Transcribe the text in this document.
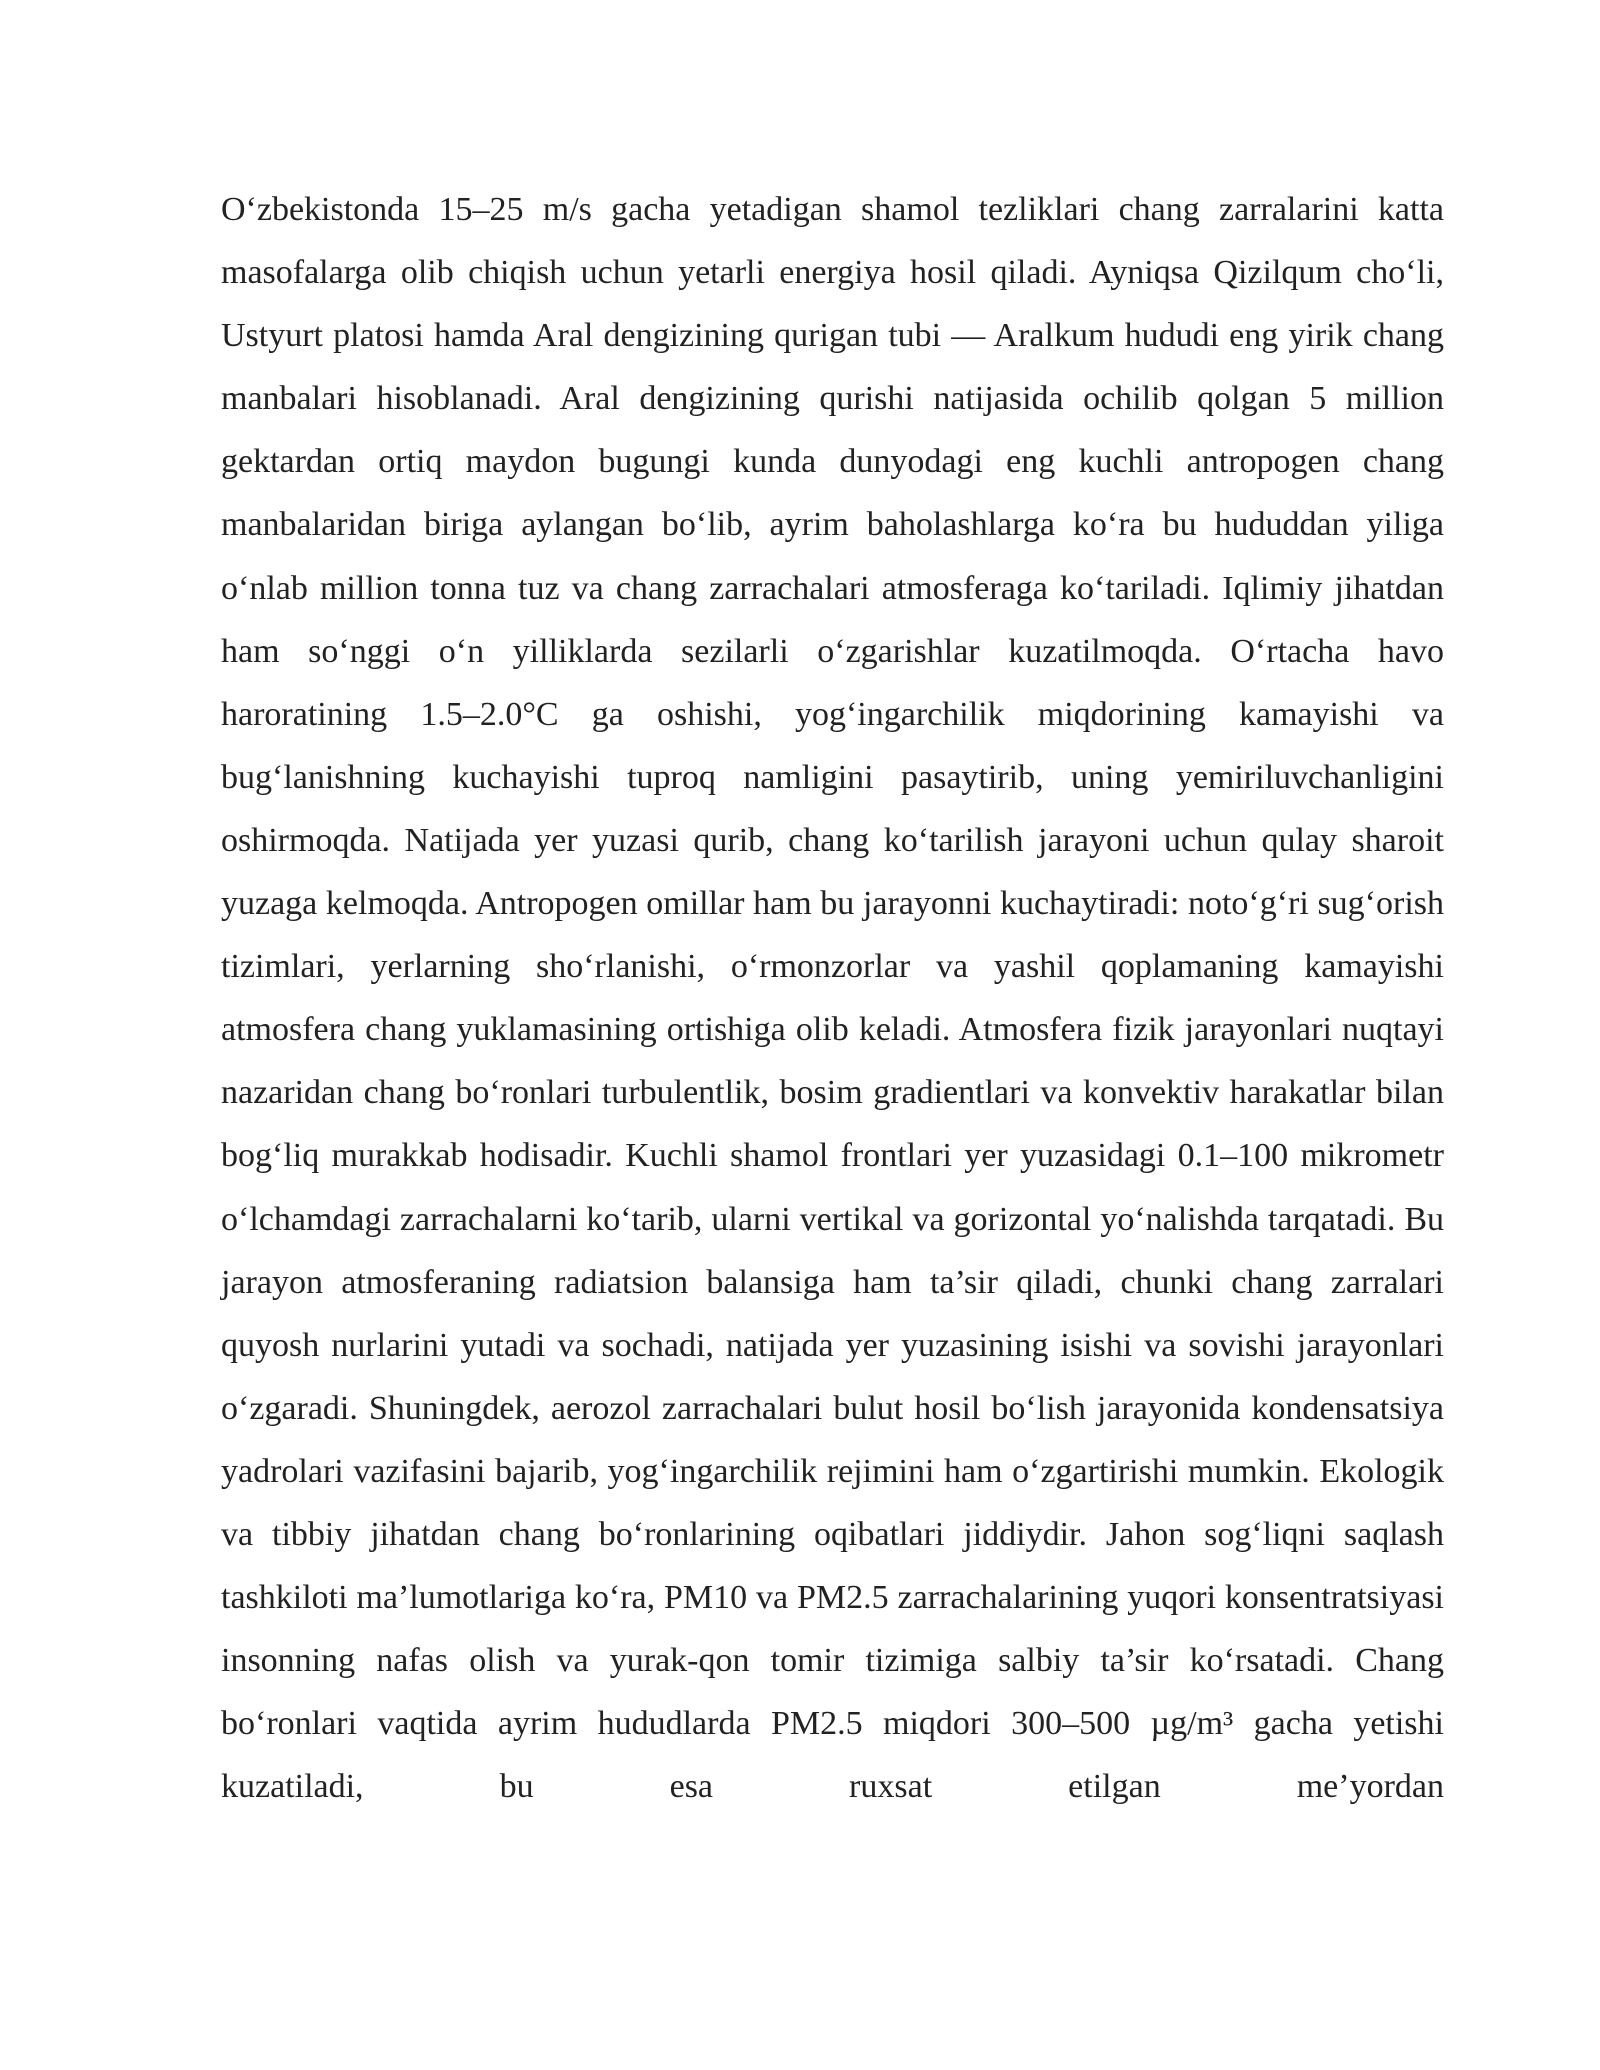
O‘zbekistonda 15–25 m/s gacha yetadigan shamol tezliklari chang zarralarini katta masofalarga olib chiqish uchun yetarli energiya hosil qiladi. Ayniqsa Qizilqum cho‘li, Ustyurt platosi hamda Aral dengizining qurigan tubi — Aralkum hududi eng yirik chang manbalari hisoblanadi. Aral dengizining qurishi natijasida ochilib qolgan 5 million gektardan ortiq maydon bugungi kunda dunyodagi eng kuchli antropogen chang manbalaridan biriga aylangan bo‘lib, ayrim baholashlarga ko‘ra bu hududdan yiliga o‘nlab million tonna tuz va chang zarrachalari atmosferaga ko‘tariladi. Iqlimiy jihatdan ham so‘nggi o‘n yilliklarda sezilarli o‘zgarishlar kuzatilmoqda. O‘rtacha havo haroratining 1.5–2.0°C ga oshishi, yog‘ingarchilik miqdorining kamayishi va bug‘lanishning kuchayishi tuproq namligini pasaytirib, uning yemiriluvchanligini oshirmoqda. Natijada yer yuzasi qurib, chang ko‘tarilish jarayoni uchun qulay sharoit yuzaga kelmoqda. Antropogen omillar ham bu jarayonni kuchaytiradi: noto‘g‘ri sug‘orish tizimlari, yerlarning sho‘rlanishi, o‘rmonzorlar va yashil qoplamaning kamayishi atmosfera chang yuklamasining ortishiga olib keladi. Atmosfera fizik jarayonlari nuqtayi nazaridan chang bo‘ronlari turbulentlik, bosim gradientlari va konvektiv harakatlar bilan bog‘liq murakkab hodisadir. Kuchli shamol frontlari yer yuzasidagi 0.1–100 mikrometr o‘lchamdagi zarrachalarni ko‘tarib, ularni vertikal va gorizontal yo‘nalishda tarqatadi. Bu jarayon atmosferaning radiatsion balansiga ham ta’sir qiladi, chunki chang zarralari quyosh nurlarini yutadi va sochadi, natijada yer yuzasining isishi va sovishi jarayonlari o‘zgaradi. Shuningdek, aerozol zarrachalari bulut hosil bo‘lish jarayonida kondensatsiya yadrolari vazifasini bajarib, yog‘ingarchilik rejimini ham o‘zgartirishi mumkin. Ekologik va tibbiy jihatdan chang bo‘ronlarining oqibatlari jiddiydir. Jahon sog‘liqni saqlash tashkiloti ma’lumotlariga ko‘ra, PM10 va PM2.5 zarrachalarining yuqori konsentratsiyasi insonning nafas olish va yurak-qon tomir tizimiga salbiy ta’sir ko‘rsatadi. Chang bo‘ronlari vaqtida ayrim hududlarda PM2.5 miqdori 300–500 µg/m³ gacha yetishi kuzatiladi, bu esa ruxsat etilgan me’yordan
